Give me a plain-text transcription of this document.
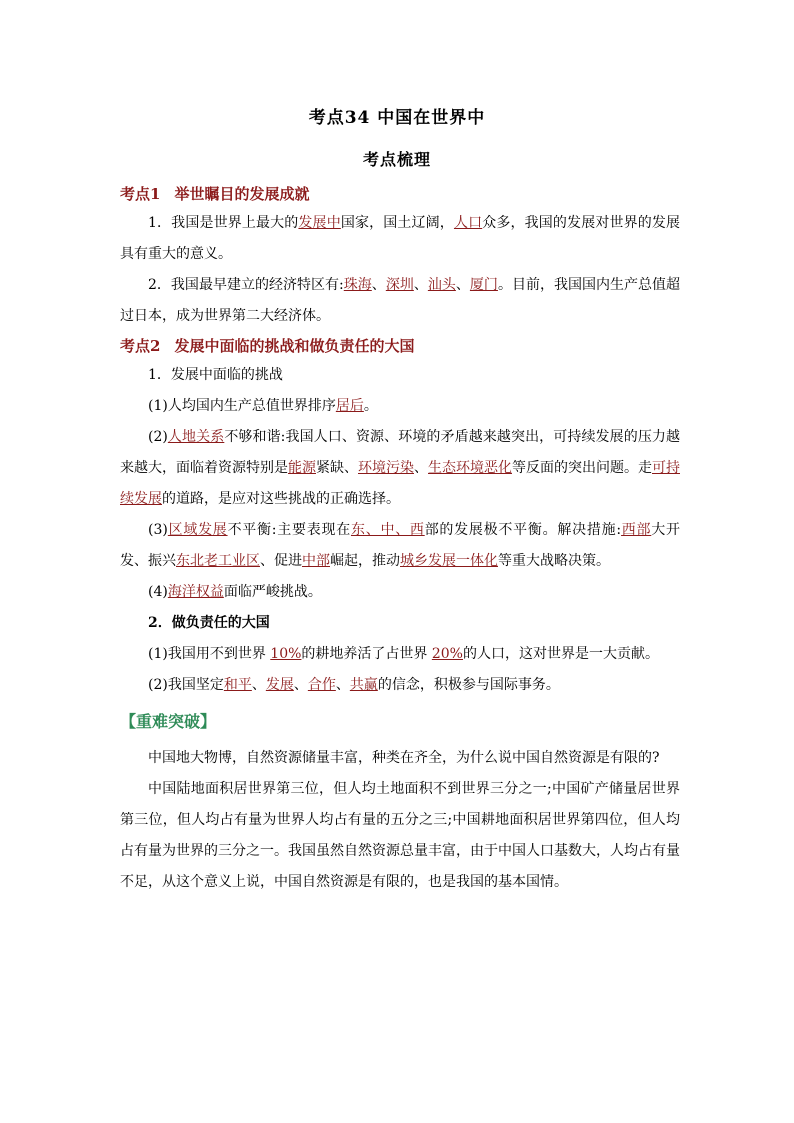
考点34 中国在世界中
考点梳理
考点1 举世瞩目的发展成就

1．我国是世界上最大的发展中国家，国土辽阔，人口众多，我国的发展对世界的发展具有重大的意义。

2．我国最早建立的经济特区有:珠海、深圳、汕头、厦门。目前，我国国内生产总值超过日本，成为世界第二大经济体。

考点2 发展中面临的挑战和做负责任的大国

1．发展中面临的挑战

(1)人均国内生产总值世界排序居后。

(2)人地关系不够和谐:我国人口、资源、环境的矛盾越来越突出，可持续发展的压力越来越大，面临着资源特别是能源紧缺、环境污染、生态环境恶化等反面的突出问题。走可持续发展的道路，是应对这些挑战的正确选择。

(3)区域发展不平衡:主要表现在东、中、西部的发展极不平衡。解决措施:西部大开发、振兴东北老工业区、促进中部崛起，推动城乡发展一体化等重大战略决策。

(4)海洋权益面临严峻挑战。

2．做负责任的大国

(1)我国用不到世界 10%的耕地养活了占世界 20%的人口，这对世界是一大贡献。

(2)我国坚定和平、发展、合作、共赢的信念，积极参与国际事务。

【重难突破】

中国地大物博，自然资源储量丰富，种类在齐全，为什么说中国自然资源是有限的?

中国陆地面积居世界第三位，但人均土地面积不到世界三分之一;中国矿产储量居世界第三位，但人均占有量为世界人均占有量的五分之三;中国耕地面积居世界第四位，但人均占有量为世界的三分之一。我国虽然自然资源总量丰富，由于中国人口基数大，人均占有量不足，从这个意义上说，中国自然资源是有限的，也是我国的基本国情。
